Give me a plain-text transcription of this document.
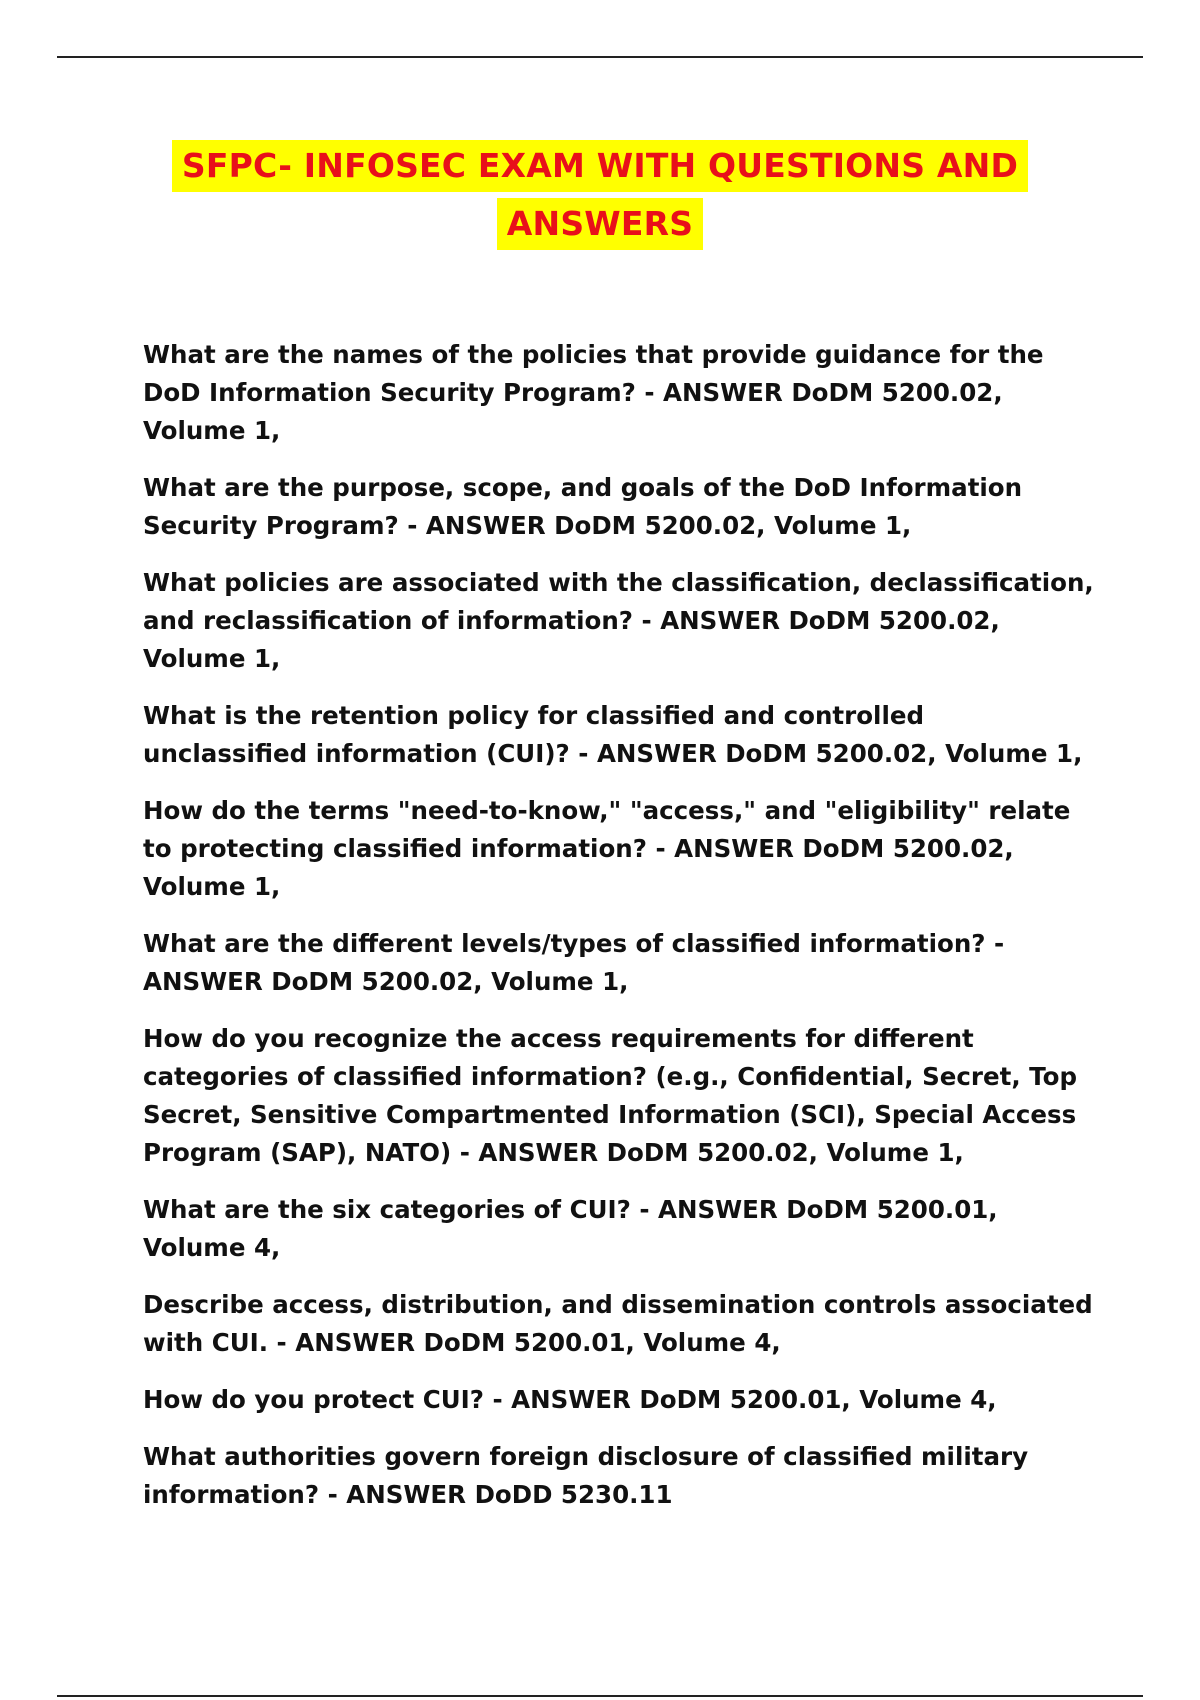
SFPC- INFOSEC EXAM WITH QUESTIONS AND
ANSWERS
What are the names of the policies that provide guidance for the DoD Information Security Program? - ANSWER DoDM 5200.02, Volume 1,
What are the purpose, scope, and goals of the DoD Information Security Program? - ANSWER DoDM 5200.02, Volume 1,
What policies are associated with the classification, declassification, and reclassification of information? - ANSWER DoDM 5200.02, Volume 1,
What is the retention policy for classified and controlled unclassified information (CUI)? - ANSWER DoDM 5200.02, Volume 1,
How do the terms "need-to-know," "access," and "eligibility" relate to protecting classified information? - ANSWER DoDM 5200.02, Volume 1,
What are the different levels/types of classified information? - ANSWER DoDM 5200.02, Volume 1,
How do you recognize the access requirements for different categories of classified information? (e.g., Confidential, Secret, Top Secret, Sensitive Compartmented Information (SCI), Special Access Program (SAP), NATO) - ANSWER DoDM 5200.02, Volume 1,
What are the six categories of CUI? - ANSWER DoDM 5200.01, Volume 4,
Describe access, distribution, and dissemination controls associated with CUI. - ANSWER DoDM 5200.01, Volume 4,
How do you protect CUI? - ANSWER DoDM 5200.01, Volume 4,
What authorities govern foreign disclosure of classified military information? - ANSWER DoDD 5230.11
